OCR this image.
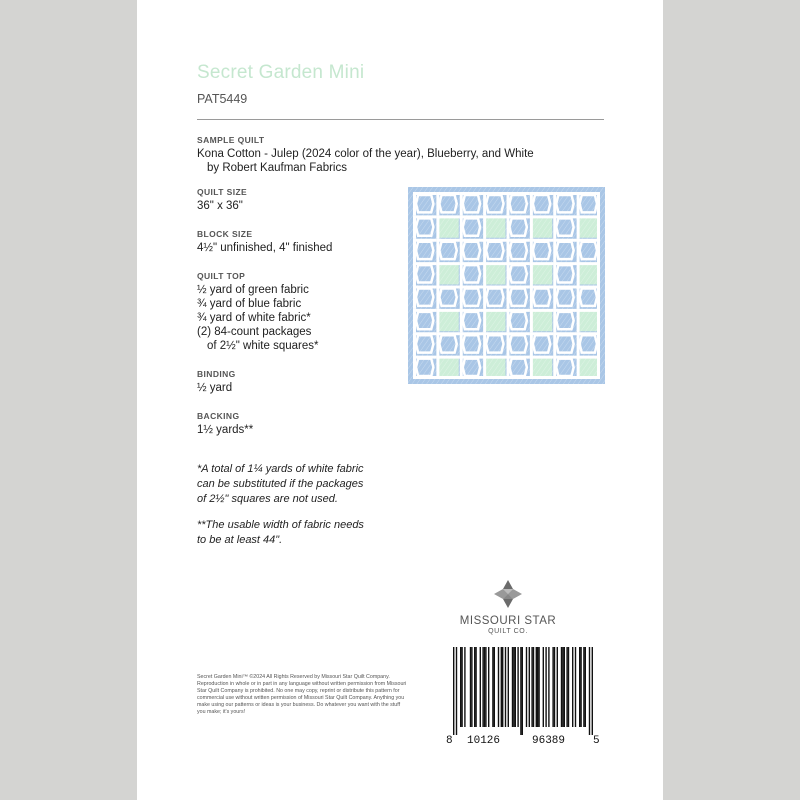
Secret Garden Mini
PAT5449
SAMPLE QUILT
Kona Cotton - Julep (2024 color of the year), Blueberry, and White
by Robert Kaufman Fabrics
QUILT SIZE
36" x 36"
BLOCK SIZE
4½" unfinished, 4" finished
QUILT TOP
½ yard of green fabric
¾ yard of blue fabric
¾ yard of white fabric*
(2) 84-count packages
of 2½" white squares*
BINDING
½ yard
BACKING
1½ yards**
*A total of 1¼ yards of white fabric
can be substituted if the packages
of 2½" squares are not used.
**The usable width of fabric needs
to be at least 44".
MISSOURI STAR
QUILT CO.
8 10126	96389	5
Secret Garden Mini™ ©2024 All Rights Reserved by Missouri Star Quilt Company. Reproduction in whole or in part in any language without written permission from Missouri Star Quilt Company is prohibited. No one may copy, reprint or distribute this pattern for commercial use without written permission of Missouri Star Quilt Company. Anything you make using our patterns or ideas is your business. Do whatever you want with the stuff you make; it's yours!
